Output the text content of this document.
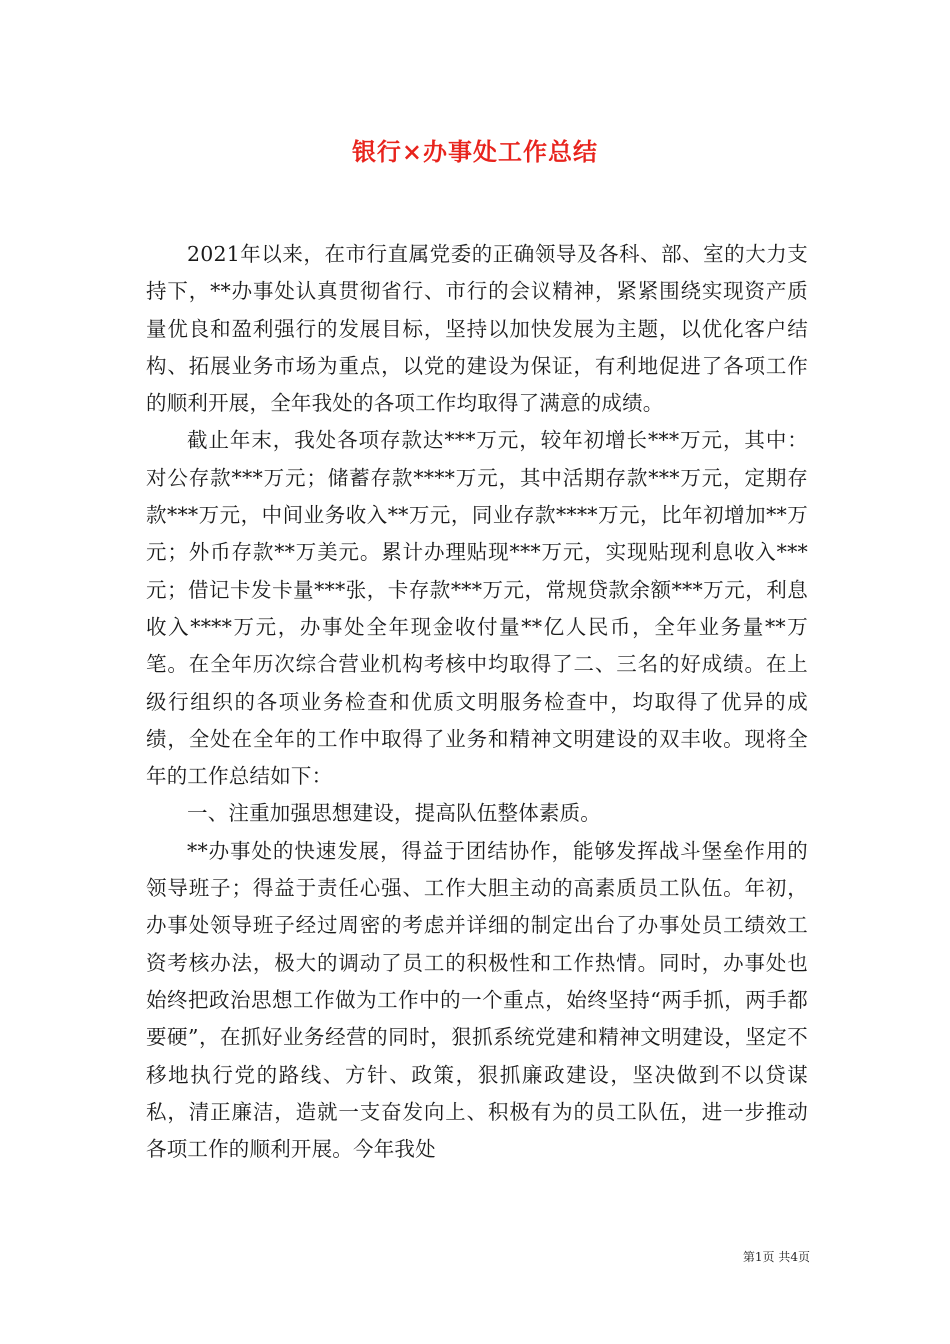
银行×办事处工作总结

2021年以来，在市行直属党委的正确领导及各科、部、室的大力支持下，**办事处认真贯彻省行、市行的会议精神，紧紧围绕实现资产质量优良和盈利强行的发展目标，坚持以加快发展为主题，以优化客户结构、拓展业务市场为重点，以党的建设为保证，有利地促进了各项工作的顺利开展，全年我处的各项工作均取得了满意的成绩。

截止年末，我处各项存款达***万元，较年初增长***万元，其中：对公存款***万元；储蓄存款****万元，其中活期存款***万元，定期存款***万元，中间业务收入**万元，同业存款****万元，比年初增加**万元；外币存款**万美元。累计办理贴现***万元，实现贴现利息收入***元；借记卡发卡量***张，卡存款***万元，常规贷款余额***万元，利息收入****万元，办事处全年现金收付量**亿人民币，全年业务量**万笔。在全年历次综合营业机构考核中均取得了二、三名的好成绩。在上级行组织的各项业务检查和优质文明服务检查中，均取得了优异的成绩，全处在全年的工作中取得了业务和精神文明建设的双丰收。现将全年的工作总结如下：

一、注重加强思想建设，提高队伍整体素质。

**办事处的快速发展，得益于团结协作，能够发挥战斗堡垒作用的领导班子；得益于责任心强、工作大胆主动的高素质员工队伍。年初，办事处领导班子经过周密的考虑并详细的制定出台了办事处员工绩效工资考核办法，极大的调动了员工的积极性和工作热情。同时，办事处也始终把政治思想工作做为工作中的一个重点，始终坚持“两手抓，两手都要硬”，在抓好业务经营的同时，狠抓系统党建和精神文明建设，坚定不移地执行党的路线、方针、政策，狠抓廉政建设，坚决做到不以贷谋私，清正廉洁，造就一支奋发向上、积极有为的员工队伍，进一步推动各项工作的顺利开展。今年我处

第1页 共4页
